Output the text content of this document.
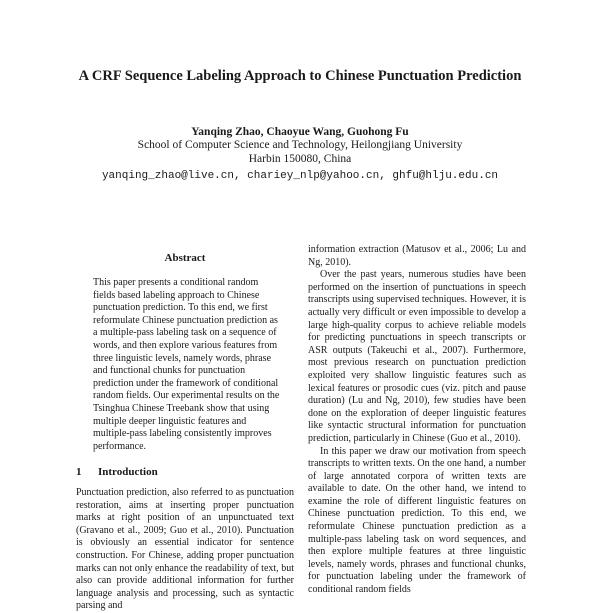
A CRF Sequence Labeling Approach to Chinese Punctuation Prediction
Yanqing Zhao, Chaoyue Wang, Guohong Fu
School of Computer Science and Technology, Heilongjiang University
Harbin 150080, China
yanqing_zhao@live.cn, chariey_nlp@yahoo.cn, ghfu@hlju.edu.cn
Abstract

This paper presents a conditional random fields based labeling approach to Chinese punctuation prediction. To this end, we first reformulate Chinese punctuation prediction as a multiple-pass labeling task on a sequence of words, and then explore various features from three linguistic levels, namely words, phrase and functional chunks for punctuation prediction under the framework of conditional random fields. Our experimental results on the Tsinghua Chinese Treebank show that using multiple deeper linguistic features and multiple-pass labeling consistently improves performance.

1 Introduction

Punctuation prediction, also referred to as punctuation restoration, aims at inserting proper punctuation marks at right position of an unpunctuated text (Gravano et al., 2009; Guo et al., 2010). Punctuation is obviously an essential indicator for sentence construction. For Chinese, adding proper punctuation marks can not only enhance the readability of text, but also can provide additional information for further language analysis and processing, such as syntactic parsing and

information extraction (Matusov et al., 2006; Lu and Ng, 2010).

Over the past years, numerous studies have been performed on the insertion of punctuations in speech transcripts using supervised techniques. However, it is actually very difficult or even impossible to develop a large high-quality corpus to achieve reliable models for predicting punctuations in speech transcripts or ASR outputs (Takeuchi et al., 2007). Furthermore, most previous research on punctuation prediction exploited very shallow linguistic features such as lexical features or prosodic cues (viz. pitch and pause duration) (Lu and Ng, 2010), few studies have been done on the exploration of deeper linguistic features like syntactic structural information for punctuation prediction, particularly in Chinese (Guo et al., 2010).

In this paper we draw our motivation from speech transcripts to written texts. On the one hand, a number of large annotated corpora of written texts are available to date. On the other hand, we intend to examine the role of different linguistic features on Chinese punctuation prediction. To this end, we reformulate Chinese punctuation prediction as a multiple-pass labeling task on word sequences, and then explore multiple features at three linguistic levels, namely words, phrases and functional chunks, for punctuation labeling under the framework of conditional random fields
